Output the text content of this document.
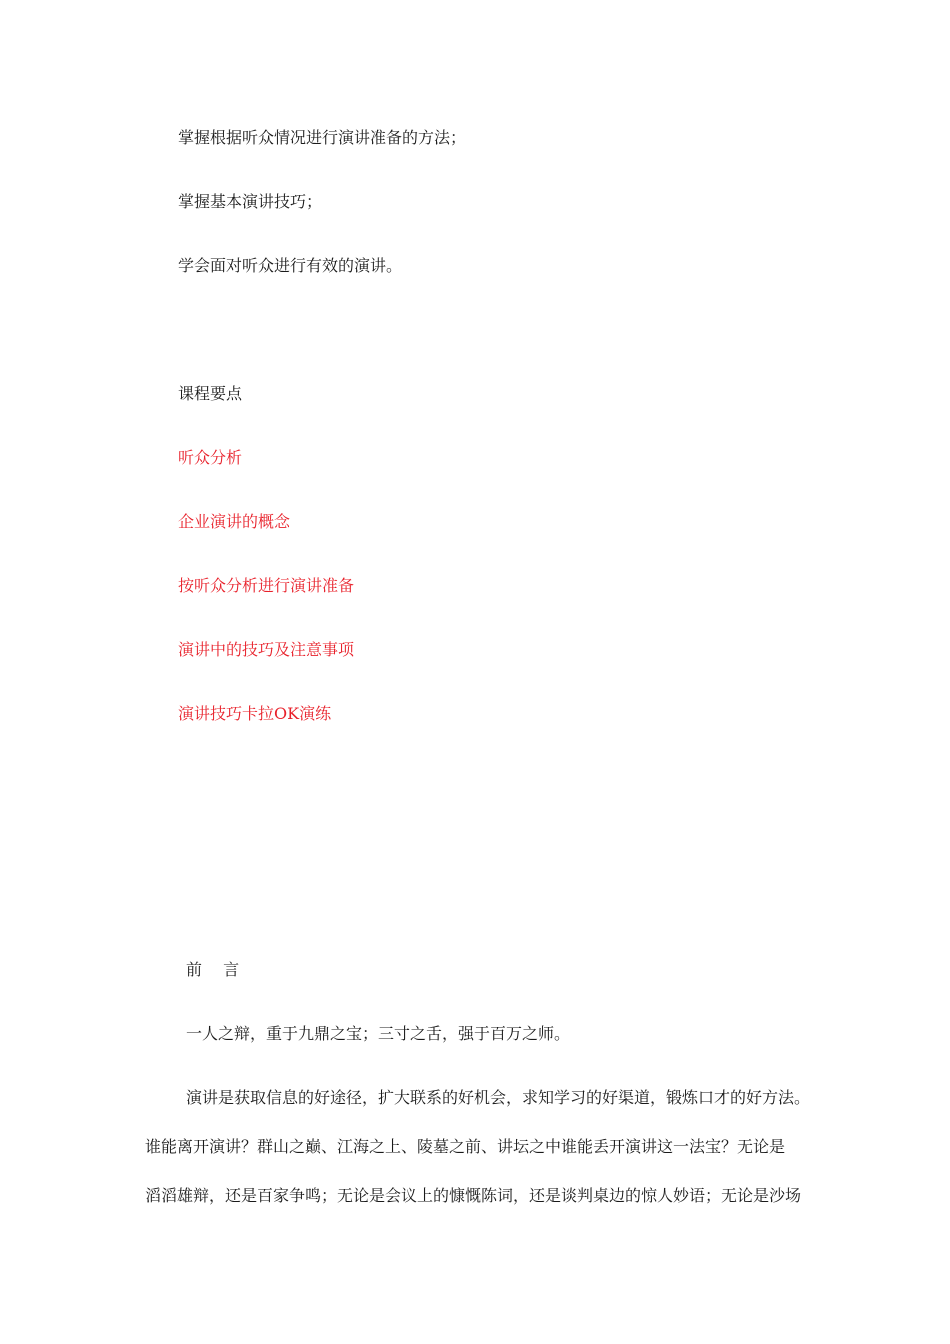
掌握根据听众情况进行演讲准备的方法；

掌握基本演讲技巧；

学会面对听众进行有效的演讲。

课程要点

听众分析

企业演讲的概念

按听众分析进行演讲准备

演讲中的技巧及注意事项

演讲技巧卡拉OK演练

前 言

一人之辩，重于九鼎之宝；三寸之舌，强于百万之师。

演讲是获取信息的好途径，扩大联系的好机会，求知学习的好渠道，锻炼口才的好方法。

谁能离开演讲？群山之巅、江海之上、陵墓之前、讲坛之中谁能丢开演讲这一法宝？无论是

滔滔雄辩，还是百家争鸣；无论是会议上的慷慨陈词，还是谈判桌边的惊人妙语；无论是沙场
